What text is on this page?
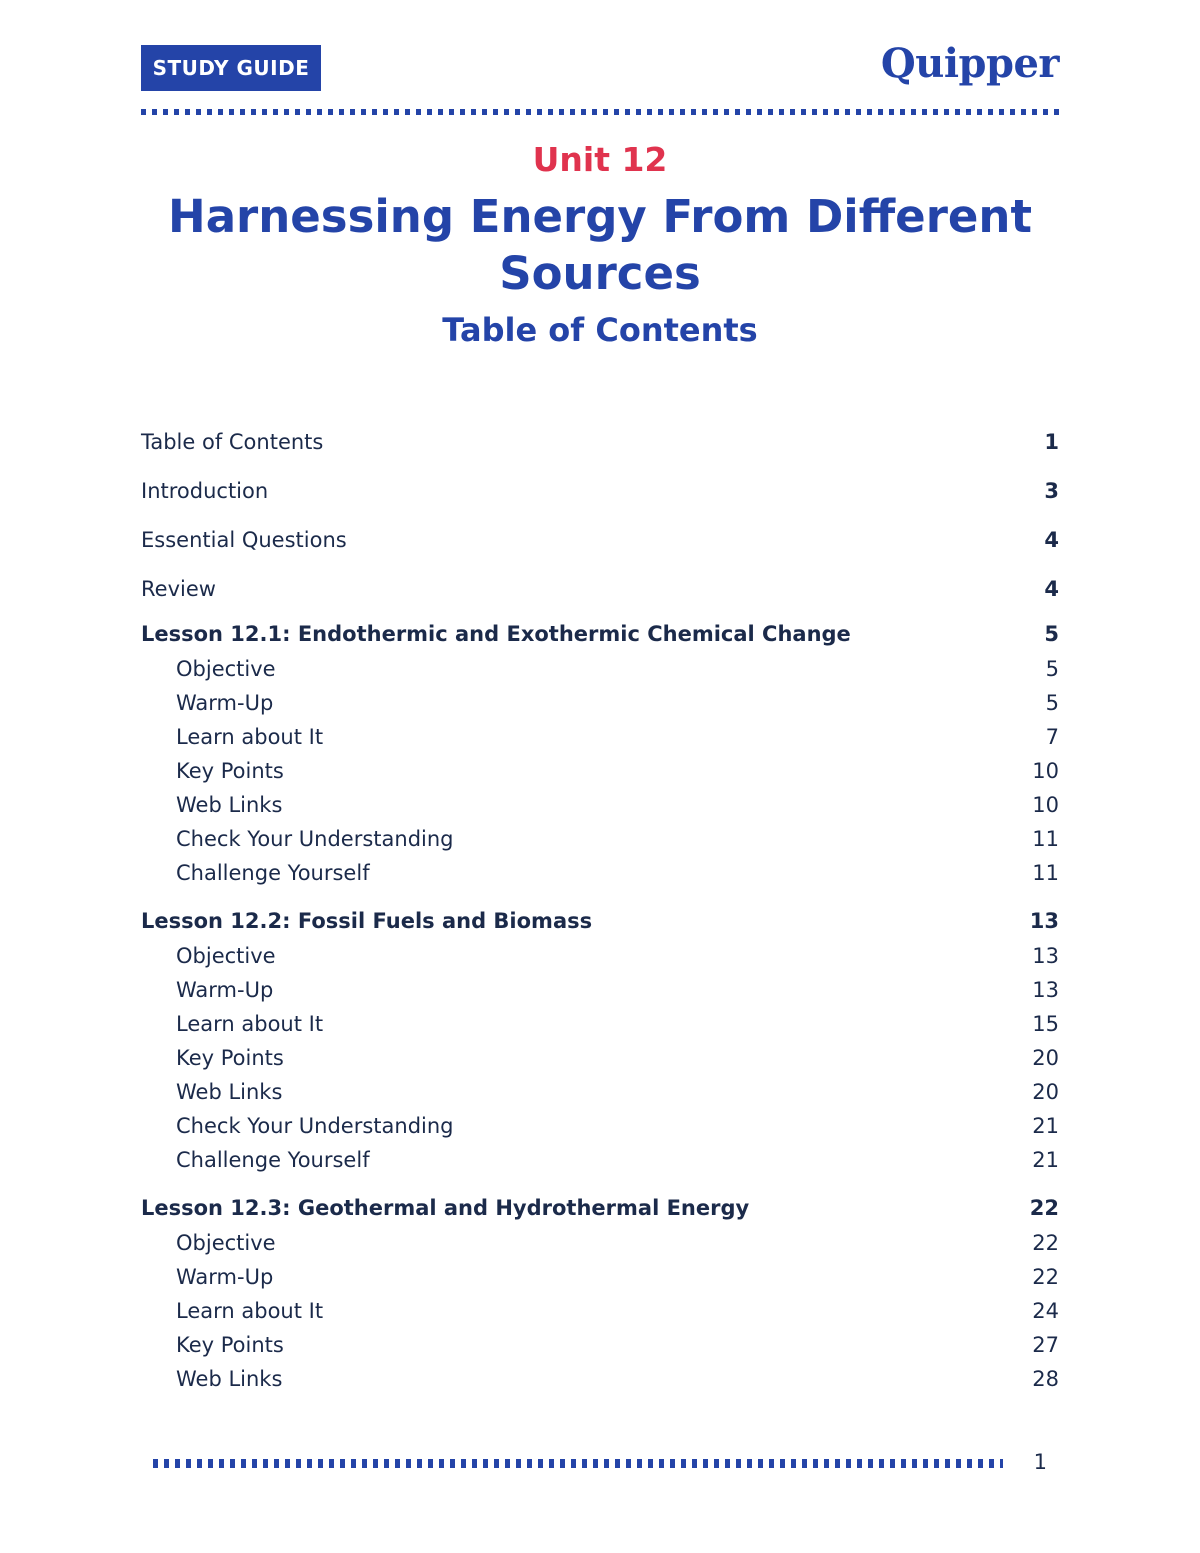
STUDY GUIDE	Quipper
Unit 12
Harnessing Energy From Different Sources
Table of Contents
Table of Contents	1
Introduction	3
Essential Questions	4
Review	4
Lesson 12.1: Endothermic and Exothermic Chemical Change	5
Objective	5
Warm-Up	5
Learn about It	7
Key Points	10
Web Links	10
Check Your Understanding	11
Challenge Yourself	11
Lesson 12.2: Fossil Fuels and Biomass	13
Objective	13
Warm-Up	13
Learn about It	15
Key Points	20
Web Links	20
Check Your Understanding	21
Challenge Yourself	21
Lesson 12.3: Geothermal and Hydrothermal Energy	22
Objective	22
Warm-Up	22
Learn about It	24
Key Points	27
Web Links	28
1
